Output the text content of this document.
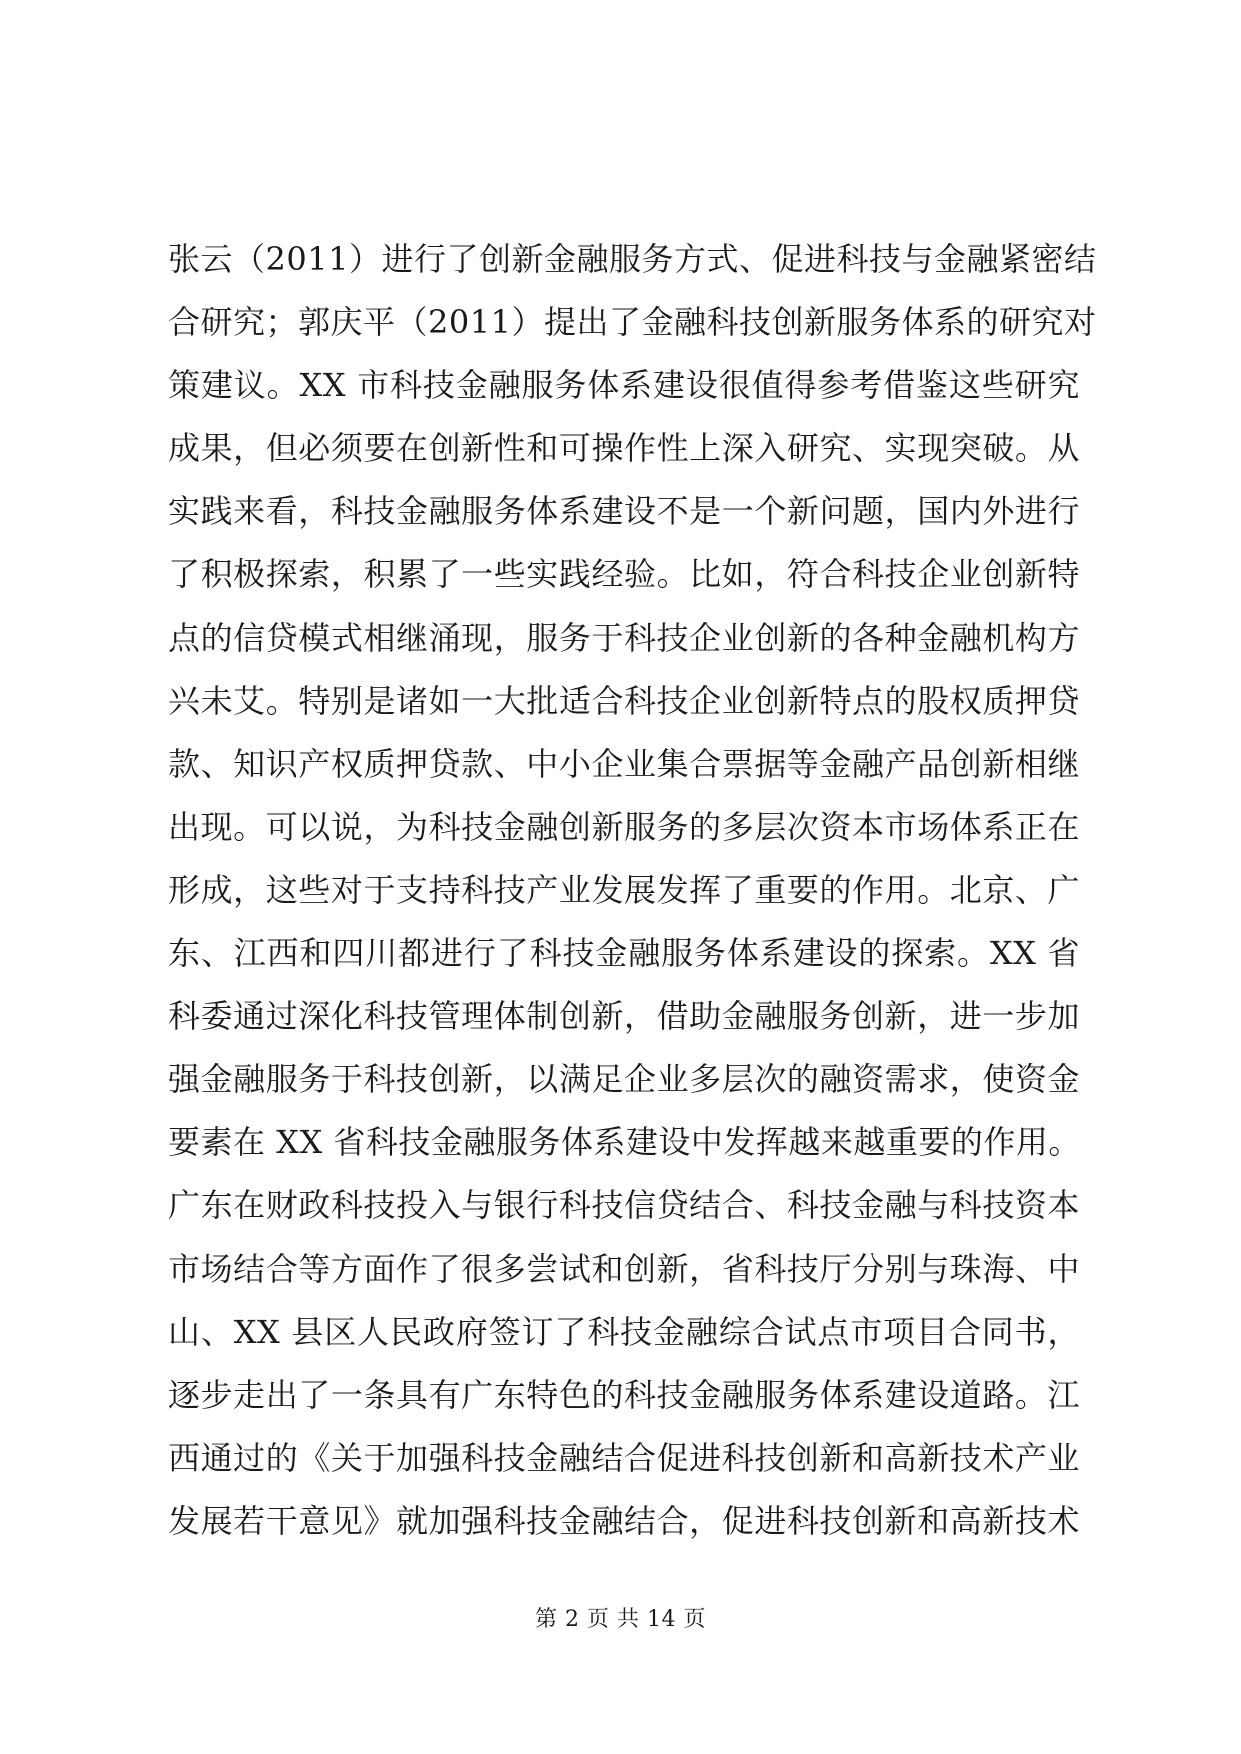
张云（2011）进行了创新金融服务方式、促进科技与金融紧密结
合研究；郭庆平（2011）提出了金融科技创新服务体系的研究对
策建议。XX 市科技金融服务体系建设很值得参考借鉴这些研究
成果，但必须要在创新性和可操作性上深入研究、实现突破。从
实践来看，科技金融服务体系建设不是一个新问题，国内外进行
了积极探索，积累了一些实践经验。比如，符合科技企业创新特
点的信贷模式相继涌现，服务于科技企业创新的各种金融机构方
兴未艾。特别是诸如一大批适合科技企业创新特点的股权质押贷
款、知识产权质押贷款、中小企业集合票据等金融产品创新相继
出现。可以说，为科技金融创新服务的多层次资本市场体系正在
形成，这些对于支持科技产业发展发挥了重要的作用。北京、广
东、江西和四川都进行了科技金融服务体系建设的探索。XX 省
科委通过深化科技管理体制创新，借助金融服务创新，进一步加
强金融服务于科技创新，以满足企业多层次的融资需求，使资金
要素在 XX 省科技金融服务体系建设中发挥越来越重要的作用。
广东在财政科技投入与银行科技信贷结合、科技金融与科技资本
市场结合等方面作了很多尝试和创新，省科技厅分别与珠海、中
山、XX 县区人民政府签订了科技金融综合试点市项目合同书，
逐步走出了一条具有广东特色的科技金融服务体系建设道路。江
西通过的《关于加强科技金融结合促进科技创新和高新技术产业
发展若干意见》就加强科技金融结合，促进科技创新和高新技术
第 2 页 共 14 页
